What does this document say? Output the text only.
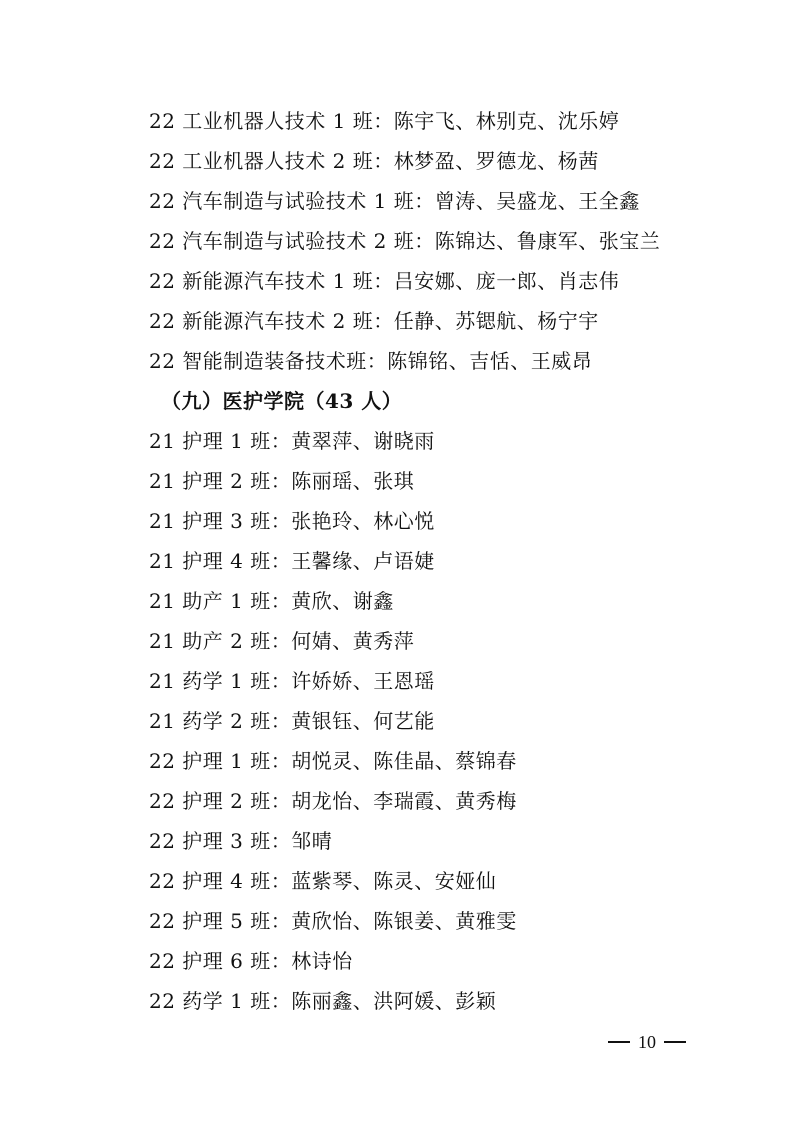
22 工业机器人技术 1 班：陈宇飞、林别克、沈乐婷
22 工业机器人技术 2 班：林梦盈、罗德龙、杨茜
22 汽车制造与试验技术 1 班：曾涛、吴盛龙、王全鑫
22 汽车制造与试验技术 2 班：陈锦达、鲁康军、张宝兰
22 新能源汽车技术 1 班：吕安娜、庞一郎、肖志伟
22 新能源汽车技术 2 班：任静、苏锶航、杨宁宇
22 智能制造装备技术班：陈锦铭、吉恬、王威昂
（九）医护学院（43 人）
21 护理 1 班：黄翠萍、谢晓雨
21 护理 2 班：陈丽瑶、张琪
21 护理 3 班：张艳玲、林心悦
21 护理 4 班：王馨缘、卢语婕
21 助产 1 班：黄欣、谢鑫
21 助产 2 班：何婧、黄秀萍
21 药学 1 班：许娇娇、王恩瑶
21 药学 2 班：黄银钰、何艺能
22 护理 1 班：胡悦灵、陈佳晶、蔡锦春
22 护理 2 班：胡龙怡、李瑞霞、黄秀梅
22 护理 3 班：邹晴
22 护理 4 班：蓝紫琴、陈灵、安娅仙
22 护理 5 班：黄欣怡、陈银姜、黄雅雯
22 护理 6 班：林诗怡
22 药学 1 班：陈丽鑫、洪阿媛、彭颖
10
